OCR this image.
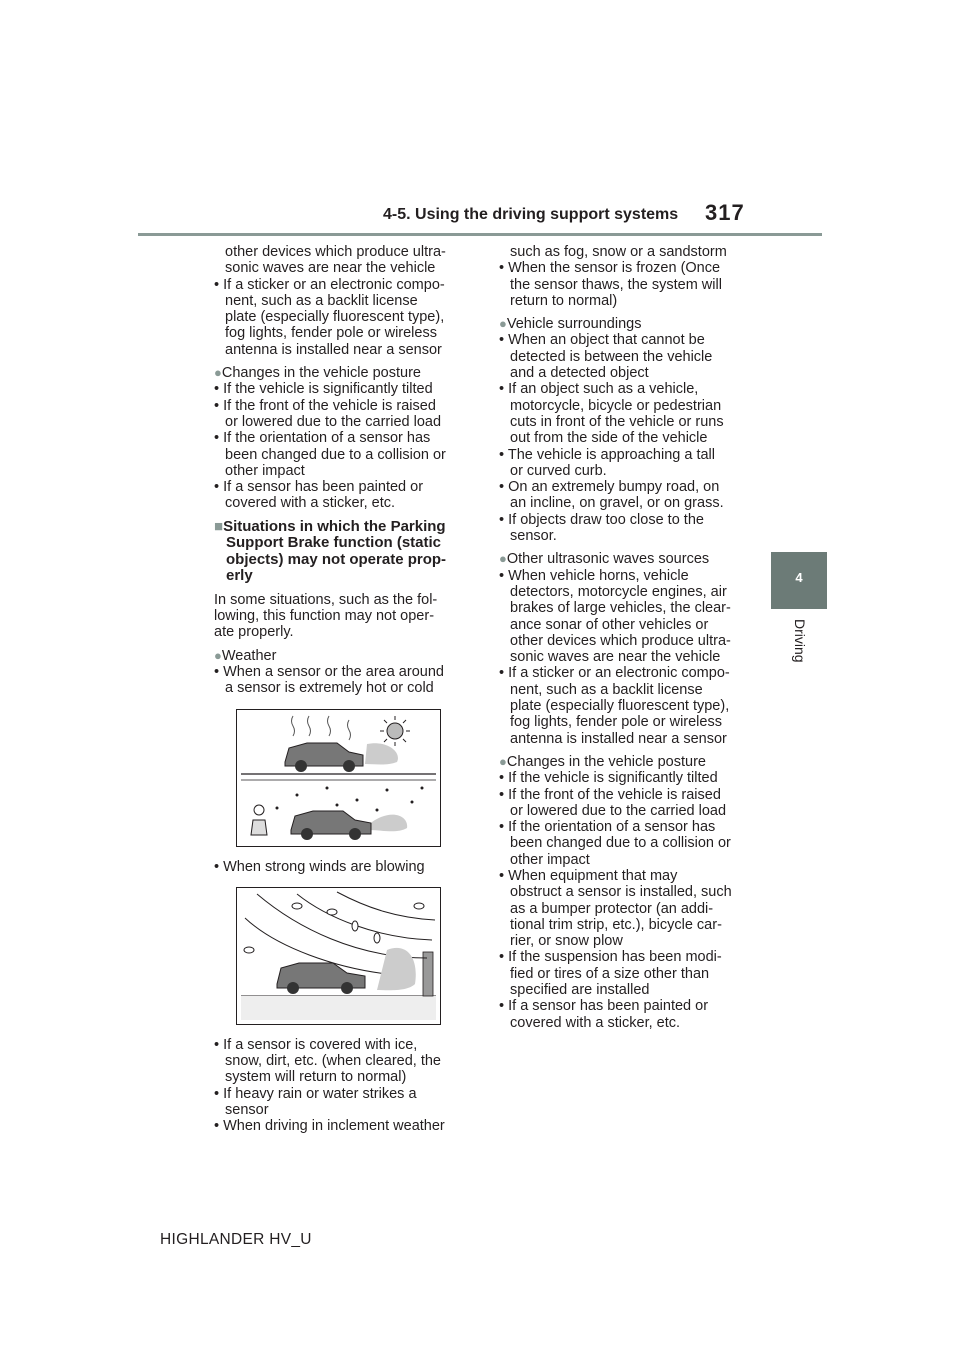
4-5. Using the driving support systems 317
4
Driving

other devices which produce ultra-

sonic waves are near the vehicle

• If a sticker or an electronic compo-

nent, such as a backlit license

plate (especially fluorescent type),

fog lights, fender pole or wireless

antenna is installed near a sensor

●Changes in the vehicle posture

• If the vehicle is significantly tilted

• If the front of the vehicle is raised

or lowered due to the carried load

• If the orientation of a sensor has

been changed due to a collision or

other impact

• If a sensor has been painted or

covered with a sticker, etc.

■Situations in which the Parking
Support Brake function (static
objects) may not operate prop-
erly

In some situations, such as the fol-

lowing, this function may not oper-

ate properly.

●Weather

• When a sensor or the area around

a sensor is extremely hot or cold

• When strong winds are blowing

• If a sensor is covered with ice,

snow, dirt, etc. (when cleared, the

system will return to normal)

• If heavy rain or water strikes a

sensor

• When driving in inclement weather

such as fog, snow or a sandstorm

• When the sensor is frozen (Once

the sensor thaws, the system will

return to normal)

●Vehicle surroundings

• When an object that cannot be

detected is between the vehicle

and a detected object

• If an object such as a vehicle,

motorcycle, bicycle or pedestrian

cuts in front of the vehicle or runs

out from the side of the vehicle

• The vehicle is approaching a tall

or curved curb.

• On an extremely bumpy road, on

an incline, on gravel, or on grass.

• If objects draw too close to the

sensor.

●Other ultrasonic waves sources

• When vehicle horns, vehicle

detectors, motorcycle engines, air

brakes of large vehicles, the clear-

ance sonar of other vehicles or

other devices which produce ultra-

sonic waves are near the vehicle

• If a sticker or an electronic compo-

nent, such as a backlit license

plate (especially fluorescent type),

fog lights, fender pole or wireless

antenna is installed near a sensor

●Changes in the vehicle posture

• If the vehicle is significantly tilted

• If the front of the vehicle is raised

or lowered due to the carried load

• If the orientation of a sensor has

been changed due to a collision or

other impact

• When equipment that may

obstruct a sensor is installed, such

as a bumper protector (an addi-

tional trim strip, etc.), bicycle car-

rier, or snow plow

• If the suspension has been modi-

fied or tires of a size other than

specified are installed

• If a sensor has been painted or

covered with a sticker, etc.

HIGHLANDER HV_U
